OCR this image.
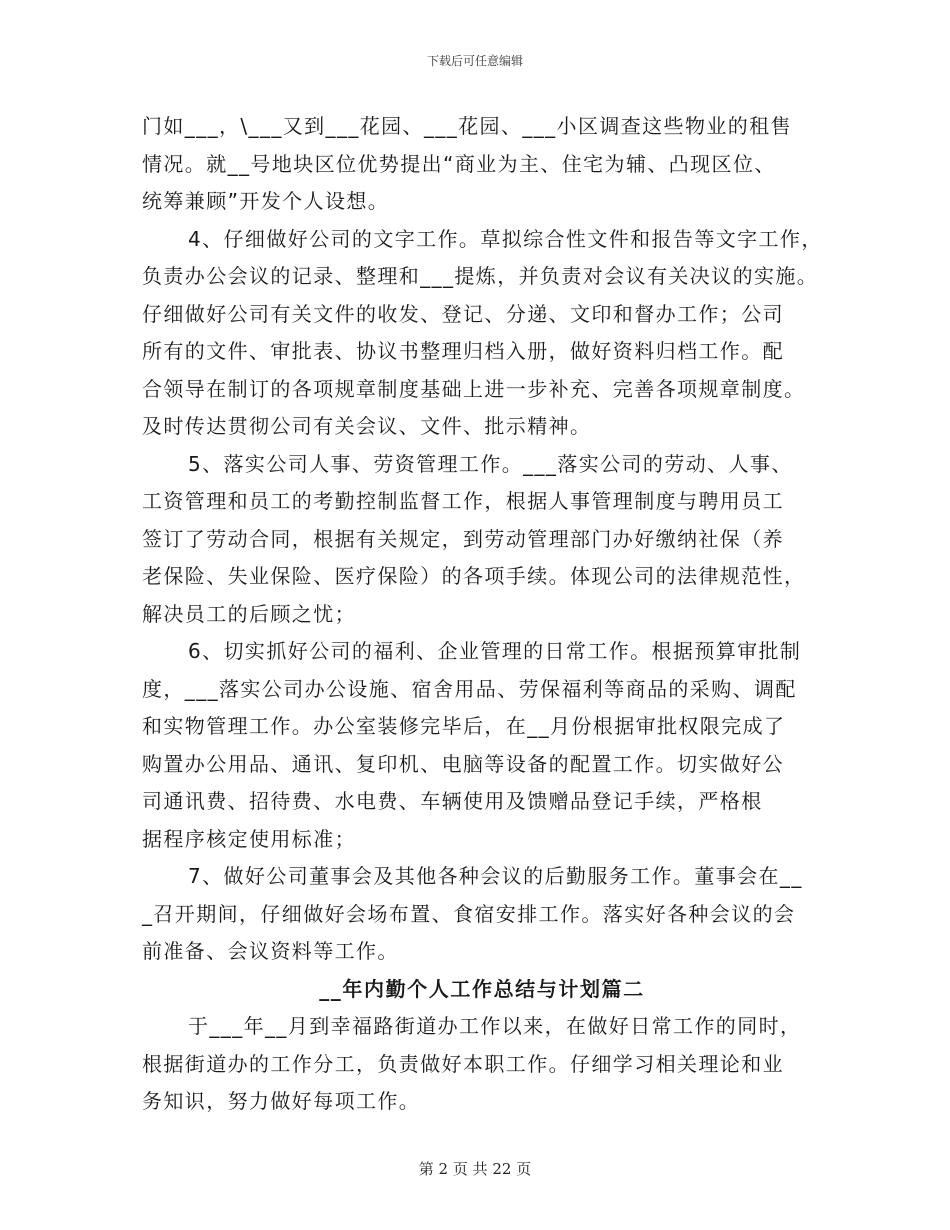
下载后可任意编辑
门如___，\___又到___花园、___花园、___小区调查这些物业的租售
情况。就__号地块区位优势提出“商业为主、住宅为辅、凸现区位、
统筹兼顾”开发个人设想。
4、仔细做好公司的文字工作。草拟综合性文件和报告等文字工作，
负责办公会议的记录、整理和___提炼，并负责对会议有关决议的实施。
仔细做好公司有关文件的收发、登记、分递、文印和督办工作；公司
所有的文件、审批表、协议书整理归档入册，做好资料归档工作。配
合领导在制订的各项规章制度基础上进一步补充、完善各项规章制度。
及时传达贯彻公司有关会议、文件、批示精神。
5、落实公司人事、劳资管理工作。___落实公司的劳动、人事、
工资管理和员工的考勤控制监督工作，根据人事管理制度与聘用员工
签订了劳动合同，根据有关规定，到劳动管理部门办好缴纳社保（养
老保险、失业保险、医疗保险）的各项手续。体现公司的法律规范性，
解决员工的后顾之忧；
6、切实抓好公司的福利、企业管理的日常工作。根据预算审批制
度，___落实公司办公设施、宿舍用品、劳保福利等商品的采购、调配
和实物管理工作。办公室装修完毕后，在__月份根据审批权限完成了
购置办公用品、通讯、复印机、电脑等设备的配置工作。切实做好公
司通讯费、招待费、水电费、车辆使用及馈赠品登记手续，严格根
据程序核定使用标准；
7、做好公司董事会及其他各种会议的后勤服务工作。董事会在__
_召开期间，仔细做好会场布置、食宿安排工作。落实好各种会议的会
前准备、会议资料等工作。
__年内勤个人工作总结与计划篇二
于___年__月到幸福路街道办工作以来，在做好日常工作的同时，
根据街道办的工作分工，负责做好本职工作。仔细学习相关理论和业
务知识，努力做好每项工作。
第 2 页 共 22 页
